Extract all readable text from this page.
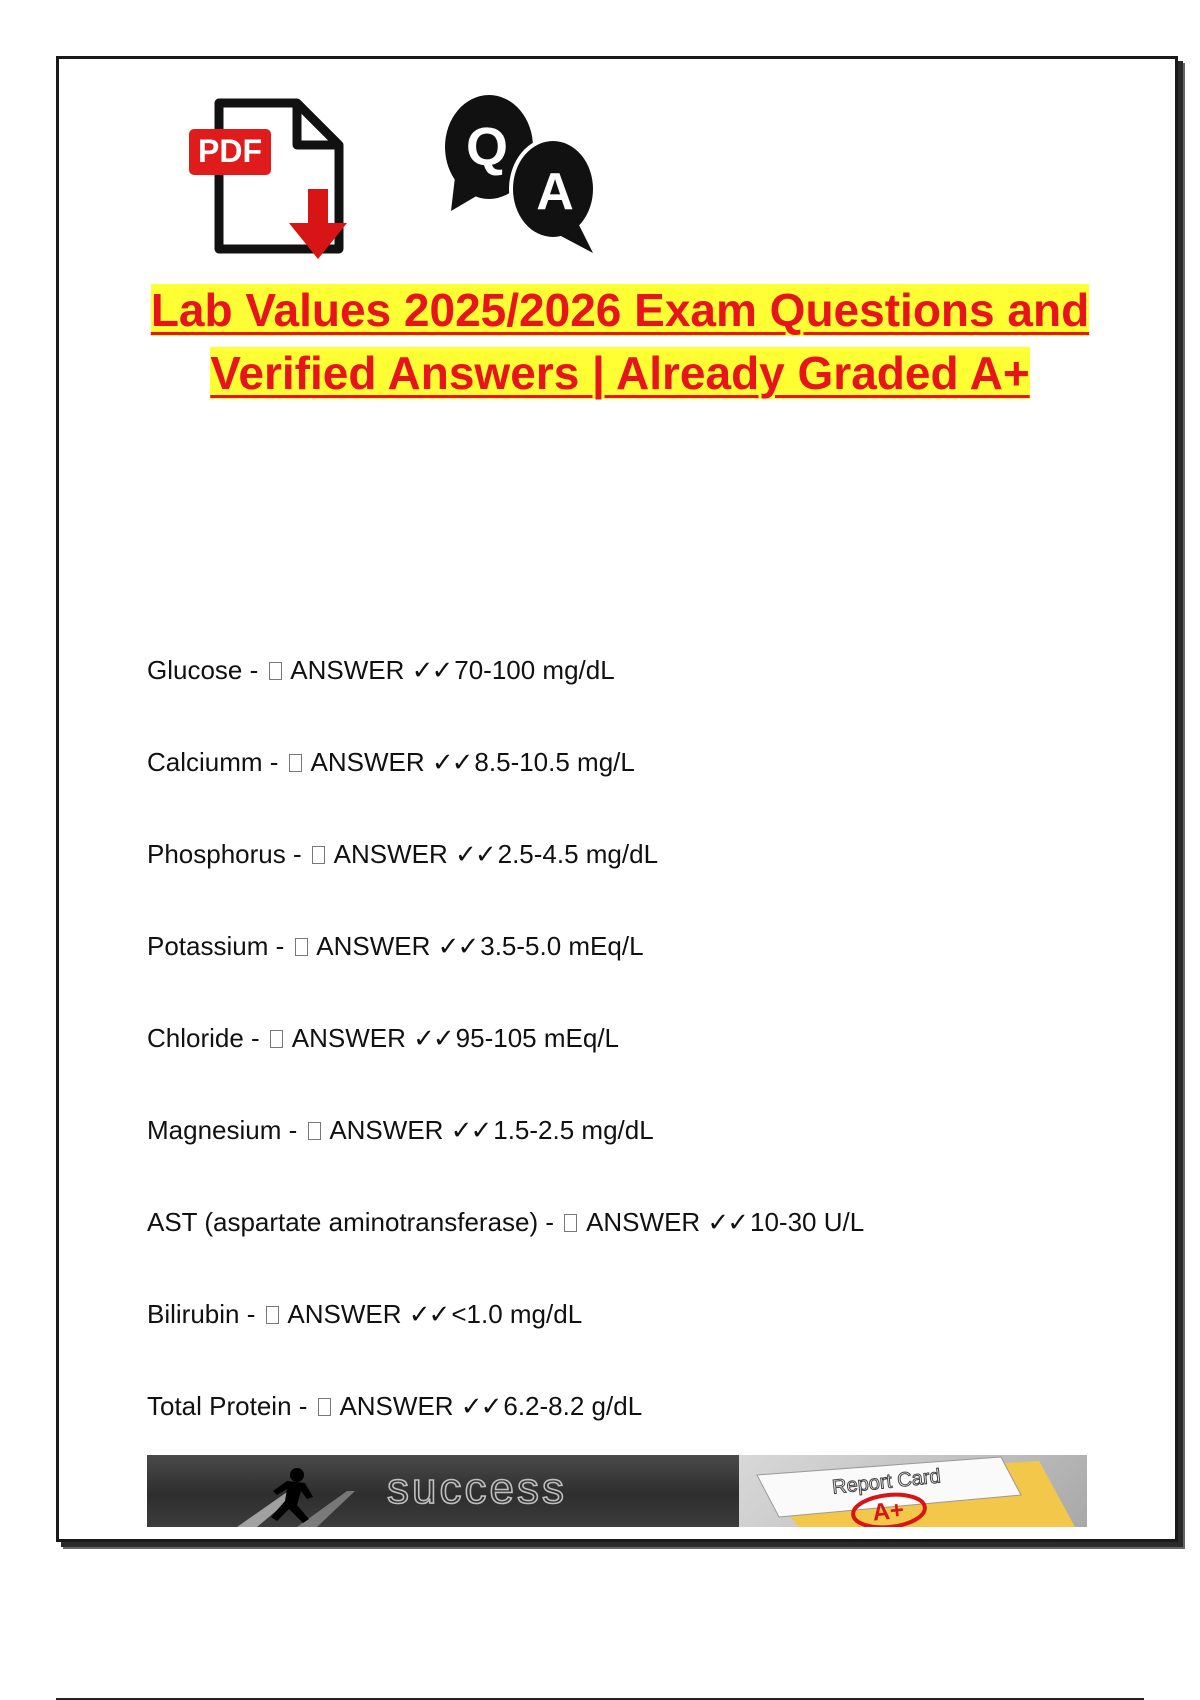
PDF	Q
A
Lab Values 2025/2026 Exam Questions and Verified Answers | Already Graded A+
Glucose -  ANSWER ✓✓ 70-100 mg/dL
Calciumm -  ANSWER ✓✓ 8.5-10.5 mg/L
Phosphorus -  ANSWER ✓✓ 2.5-4.5 mg/dL
Potassium -  ANSWER ✓✓ 3.5-5.0 mEq/L
Chloride -  ANSWER ✓✓ 95-105 mEq/L
Magnesium -  ANSWER ✓✓ 1.5-2.5 mg/dL
AST (aspartate aminotransferase) -  ANSWER ✓✓ 10-30 U/L
Bilirubin -  ANSWER ✓✓ <1.0 mg/dL
Total Protein -  ANSWER ✓✓ 6.2-8.2 g/dL
success	Report Card
A+
